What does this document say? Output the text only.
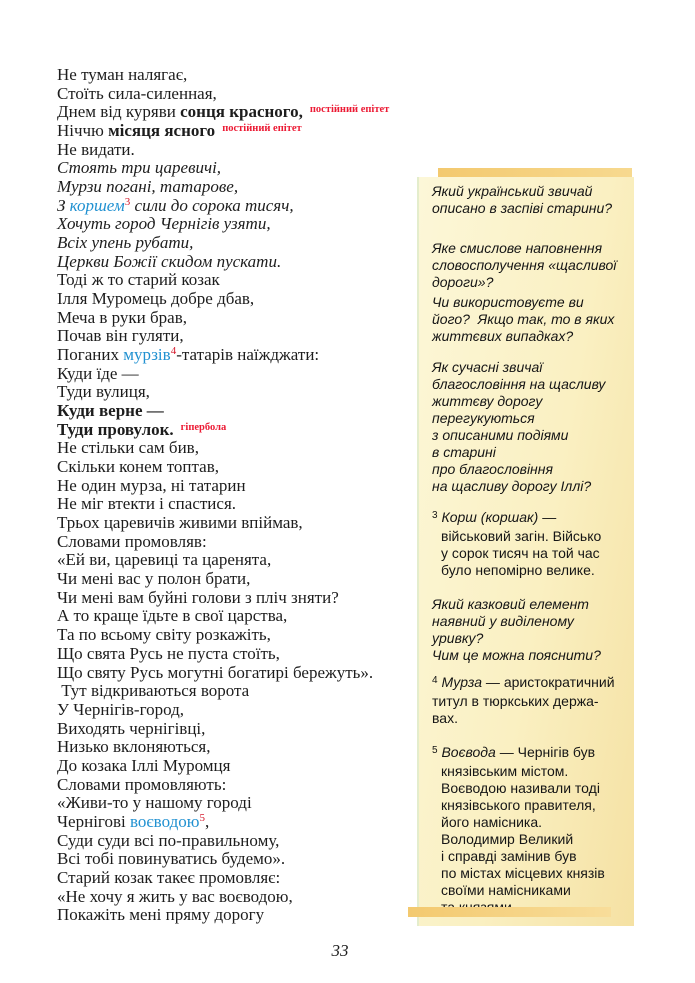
Не туман налягає,
Стоїть сила-силенная,
Днем від куряви сонця красного, $^{постійний епітет}$
Ніччю місяця ясного $^{постійний епітет}$
Не видати.
Стоять три царевичі,
Мурзи погані, татарове,
З коршем$^3$ сили до сорока тисяч,
Хочуть город Чернігів узяти,
Всіх упень рубати,
Церкви Божії скидом пускати.
Тоді ж то старий козак
Ілля Муромець добре дбав,
Меча в руки брав,
Почав він гуляти,
Поганих мурзів$^4$-татарів наїжджати:
Куди їде —
Туди вулиця,
Куди верне —
Туди провулок. $^{гіпербола}$
Не стільки сам бив,
Скільки конем топтав,
Не один мурза, ні татарин
Не міг втекти і спастися.
Трьох царевичів живими впіймав,
Словами промовляв:
«Ей ви, царевиці та царенята,
Чи мені вас у полон брати,
Чи мені вам буйні голови з пліч зняти?
А то краще їдьте в свої царства,
Та по всьому світу розкажіть,
Що свята Русь не пуста стоїть,
Що святу Русь могутні богатирі бережуть».
Тут відкриваються ворота
У Чернігів-город,
Виходять чернігівці,
Низько вклоняються,
До козака Іллі Муромця
Словами промовляють:
«Живи-то у нашому городі
Чернігові воєводою$^5$,
Суди суди всі по-правильному,
Всі тобі повинуватись будемо».
Старий козак такеє промовляє:
«Не хочу я жить у вас воєводою,
Покажіть мені пряму дорогу
Який український звичай
описано в заспіві старини?
Яке смислове наповнення
словосполучення «щасливої
дороги»?
Чи використовуєте ви
його?  Якщо так, то в яких
життєвих випадках?
Як сучасні звичаї
благословіння на щасливу
життєву дорогу
перегукуються
з описаними подіями
в старині
про благословіння
на щасливу дорогу Іллі?
$^3$ Корш (коршак) —
військовий загін. Військо
у сорок тисяч на той час
було непомірно велике.
Який казковий елемент
наявний у виділеному
уривку?
Чим це можна пояснити?
$^4$ Мурза — аристократичний
титул в тюркських держа-
вах.
$^5$ Воєвода — Чернігів був
князівським містом.
Воєводою називали тоді
князівського правителя,
його намісника.
Володимир Великий
і справді замінив був
по містах місцевих князів
своїми намісниками
33
